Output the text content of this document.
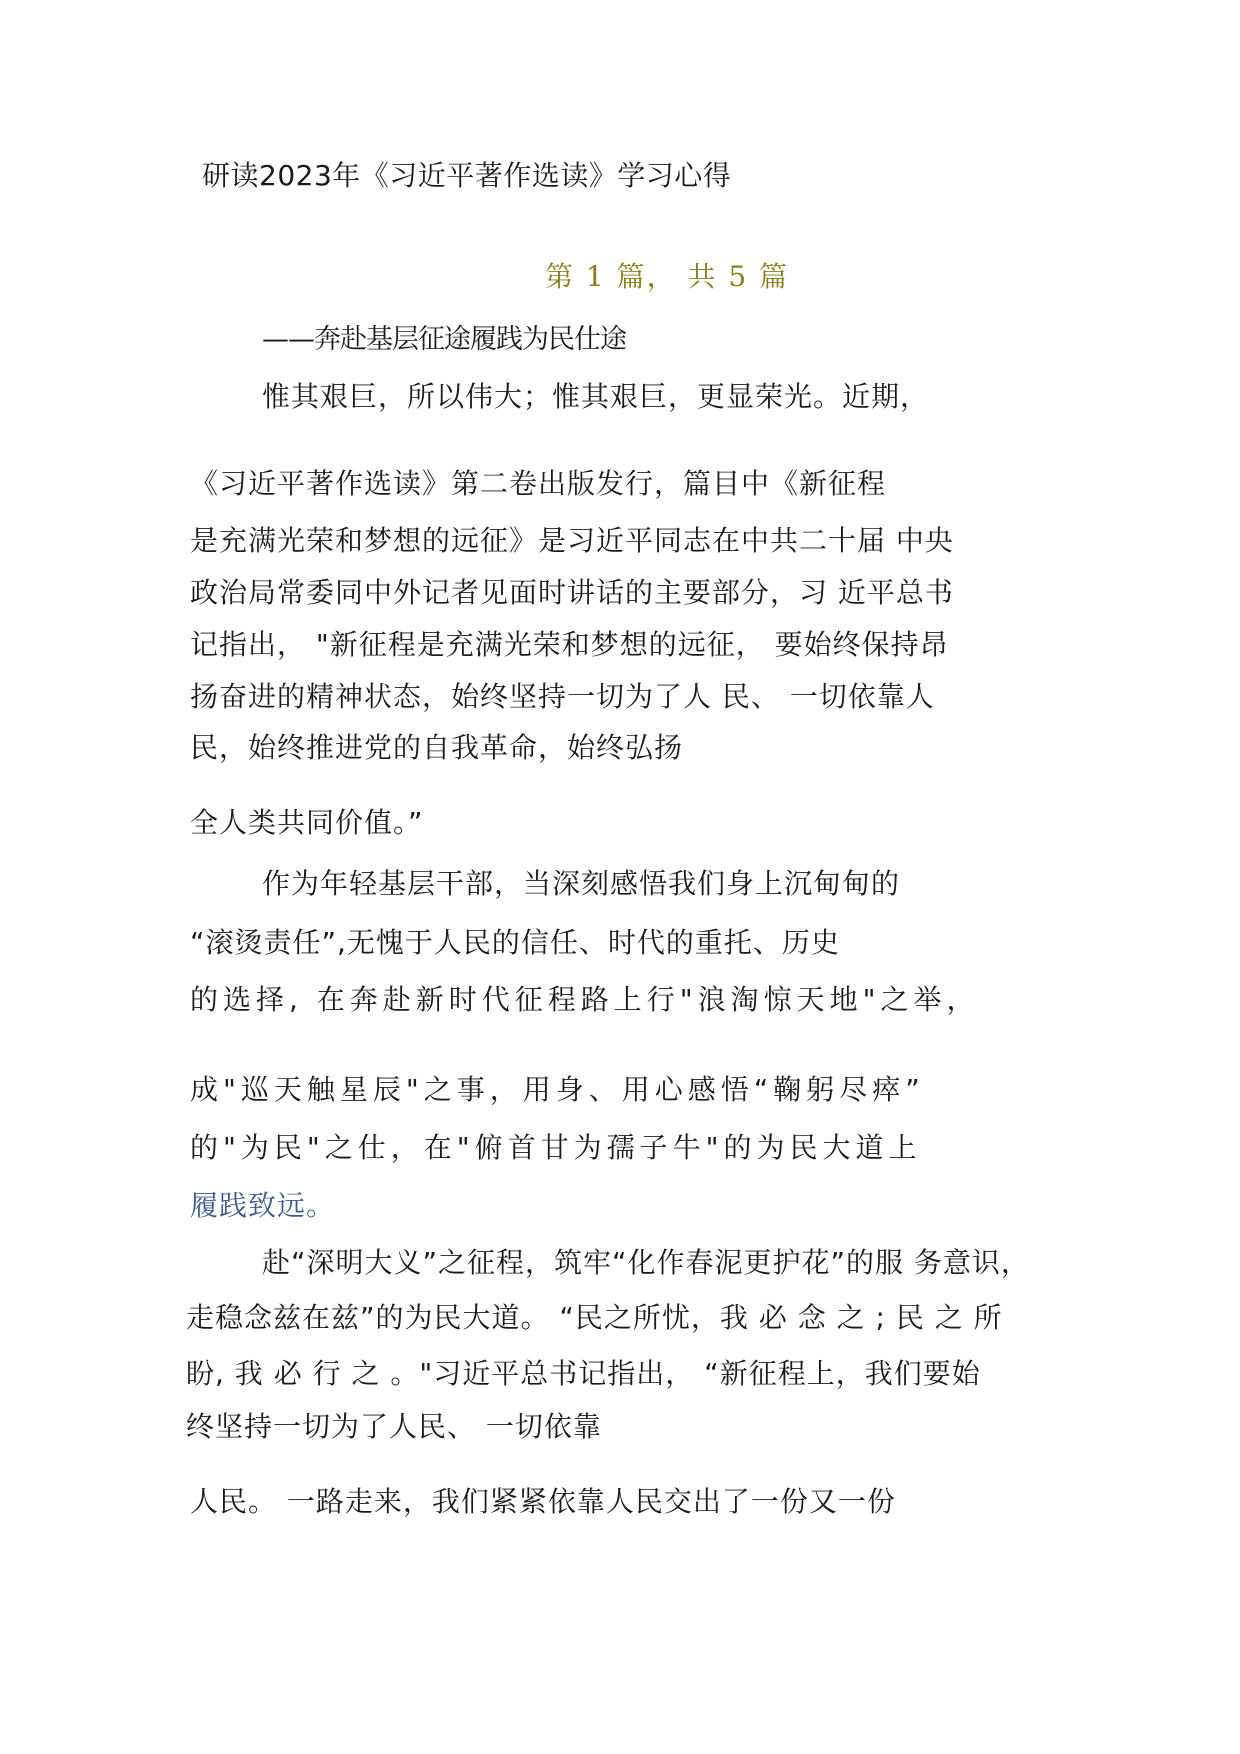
研读2023年《习近平著作选读》学习心得
第 1 篇， 共 5 篇
——奔赴基层征途履践为民仕途
惟其艰巨，所以伟大；惟其艰巨，更显荣光。近期，
《习近平著作选读》第二卷出版发行，篇目中《新征程
是充满光荣和梦想的远征》是习近平同志在中共二十届 中央
政治局常委同中外记者见面时讲话的主要部分，习 近平总书
记指出， "新征程是充满光荣和梦想的远征， 要始终保持昂
扬奋进的精神状态，始终坚持一切为了人 民、 一切依靠人
民，始终推进党的自我革命，始终弘扬
全人类共同价值。”
作为年轻基层干部，当深刻感悟我们身上沉甸甸的
“滚烫责任”,无愧于人民的信任、时代的重托、历史
的选择, 在奔赴新时代征程路上行"浪淘惊天地"之举，
成"巡天触星辰"之事，用身、用心感悟“鞠躬尽瘁”
的"为民"之仕，在"俯首甘为孺子牛"的为民大道上
履践致远。
赴“深明大义”之征程，筑牢“化作春泥更护花”的服 务意识，
走稳念兹在兹”的为民大道。 “民之所忧，我 必 念 之 ; 民 之 所
盼, 我 必 行 之 。"习近平总书记指出， “新征程上，我们要始
终坚持一切为了人民、 一切依靠
人民。 一路走来，我们紧紧依靠人民交出了一份又一份
